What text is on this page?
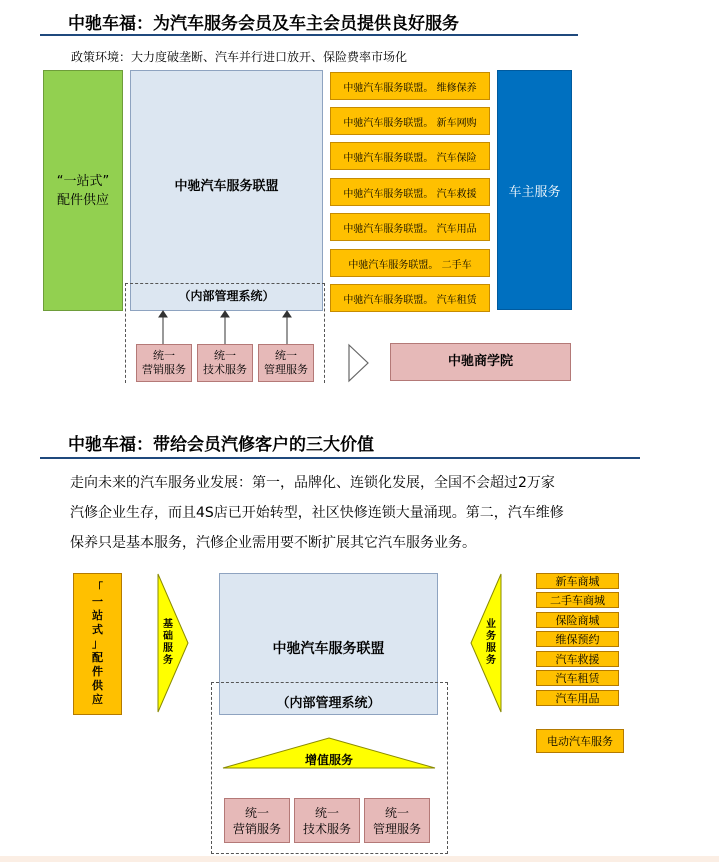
中驰车福：为汽车服务会员及车主会员提供良好服务
政策环境：大力度破垄断、汽车并行进口放开、保险费率市场化
“一站式”
配件供应
中驰汽车服务联盟
（内部管理系统）
中驰汽车服务联盟。 维修保养
中驰汽车服务联盟。 新车网购
中驰汽车服务联盟。 汽车保险
中驰汽车服务联盟。 汽车救援
中驰汽车服务联盟。 汽车用品
中驰汽车服务联盟。 二手车
中驰汽车服务联盟。 汽车租赁
车主服务
统一
营销服务
统一
技术服务
统一
管理服务
中驰商学院
中驰车福：带给会员汽修客户的三大价值
走向未来的汽车服务业发展：第一，品牌化、连锁化发展，全国不会超过2万家
汽修企业生存，而且4S店已开始转型，社区快修连锁大量涌现。第二，汽车维修
保养只是基本服务，汽修企业需用要不断扩展其它汽车服务业务。
「
一
站
式
」
配
件
供
应
基
础
服
务
中驰汽车服务联盟
（内部管理系统）
业
务
服
务
新车商城
二手车商城
保险商城
维保预约
汽车救援
汽车租赁
汽车用品
电动汽车服务
增值服务
统一
营销服务
统一
技术服务
统一
管理服务
